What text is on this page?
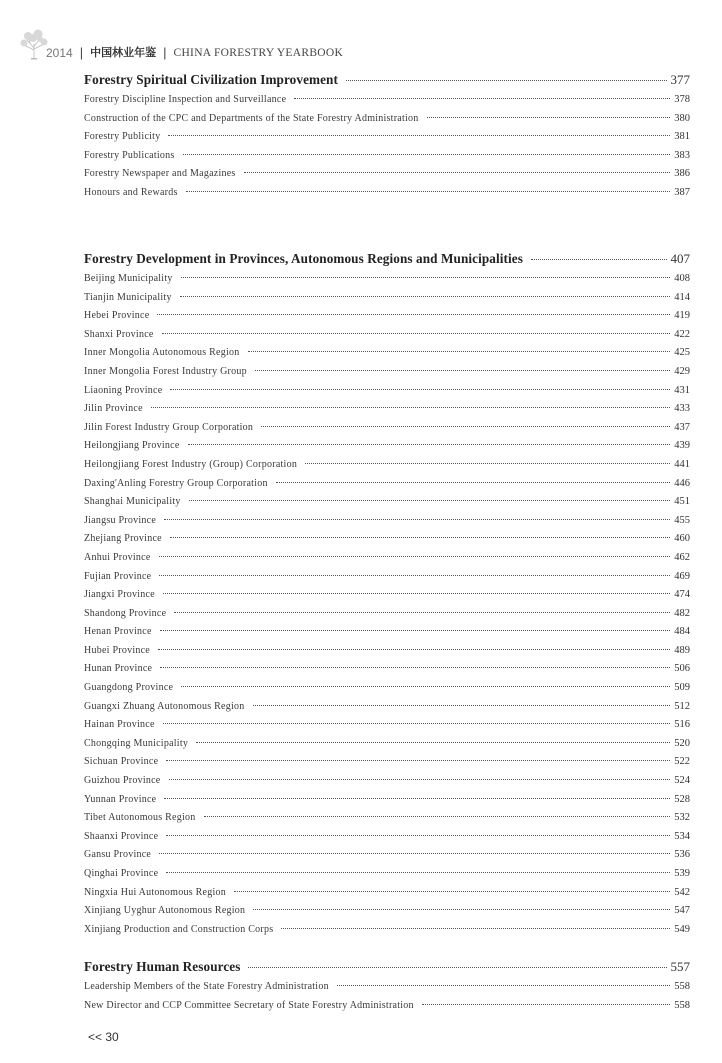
2014 | 中国林业年鉴 | CHINA FORESTRY YEARBOOK
Forestry Spiritual Civilization Improvement	377
Forestry Discipline Inspection and Surveillance	378
Construction of the CPC and Departments of the State Forestry Administration	380
Forestry Publicity	381
Forestry Publications	383
Forestry Newspaper and Magazines	386
Honours and Rewards	387
Forestry Development in Provinces, Autonomous Regions and Municipalities	407
Beijing Municipality	408
Tianjin Municipality	414
Hebei Province	419
Shanxi Province	422
Inner Mongolia Autonomous Region	425
Inner Mongolia Forest Industry Group	429
Liaoning Province	431
Jilin Province	433
Jilin Forest Industry Group Corporation	437
Heilongjiang Province	439
Heilongjiang Forest Industry (Group) Corporation	441
Daxing'Anling Forestry Group Corporation	446
Shanghai Municipality	451
Jiangsu Province	455
Zhejiang Province	460
Anhui Province	462
Fujian Province	469
Jiangxi Province	474
Shandong Province	482
Henan Province	484
Hubei Province	489
Hunan Province	506
Guangdong Province	509
Guangxi Zhuang Autonomous Region	512
Hainan Province	516
Chongqing Municipality	520
Sichuan Province	522
Guizhou Province	524
Yunnan Province	528
Tibet Autonomous Region	532
Shaanxi Province	534
Gansu Province	536
Qinghai Province	539
Ningxia Hui Autonomous Region	542
Xinjiang Uyghur Autonomous Region	547
Xinjiang Production and Construction Corps	549
Forestry Human Resources	557
Leadership Members of the State Forestry Administration	558
New Director and CCP Committee Secretary of State Forestry Administration	558
<< 30
